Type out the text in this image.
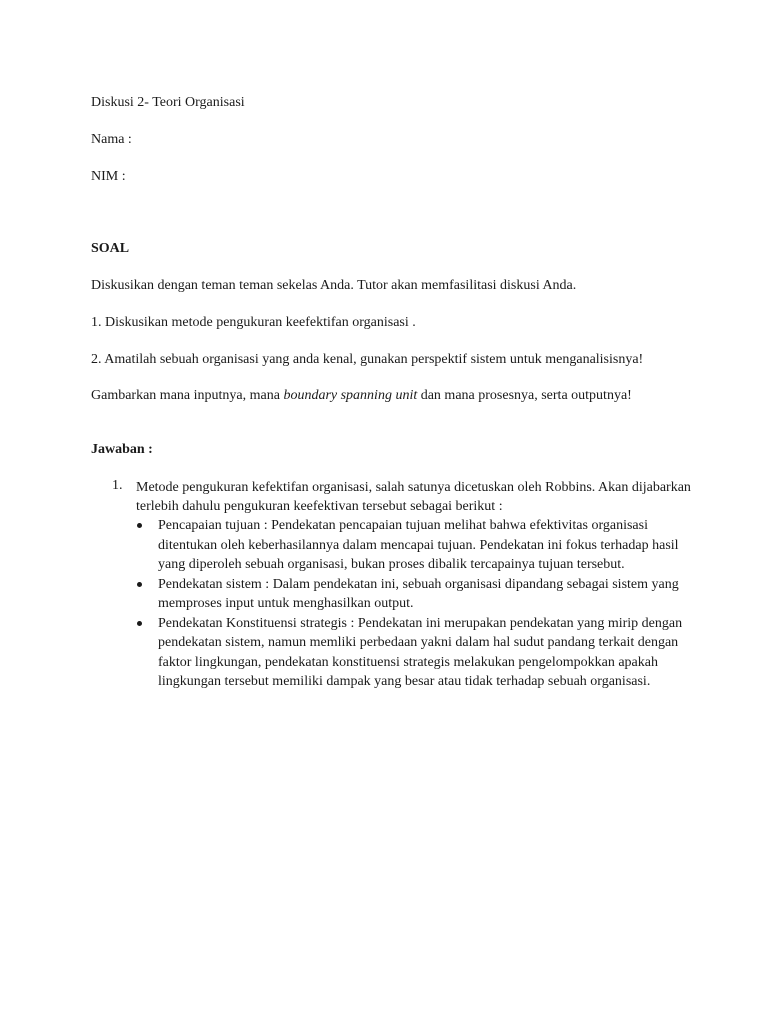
Diskusi 2- Teori Organisasi

Nama :

NIM :

SOAL

Diskusikan dengan teman teman sekelas Anda. Tutor akan memfasilitasi diskusi Anda.

1. Diskusikan metode pengukuran keefektifan organisasi .

2. Amatilah sebuah organisasi yang anda kenal, gunakan perspektif sistem untuk menganalisisnya!

Gambarkan mana inputnya, mana boundary spanning unit dan mana prosesnya, serta outputnya!

Jawaban :

1. Metode pengukuran kefektifan organisasi, salah satunya dicetuskan oleh Robbins. Akan dijabarkan terlebih dahulu pengukuran keefektivan tersebut sebagai berikut :

Pencapaian tujuan : Pendekatan pencapaian tujuan melihat bahwa efektivitas organisasi ditentukan oleh keberhasilannya dalam mencapai tujuan. Pendekatan ini fokus terhadap hasil yang diperoleh sebuah organisasi, bukan proses dibalik tercapainya tujuan tersebut.
Pendekatan sistem : Dalam pendekatan ini, sebuah organisasi dipandang sebagai sistem yang memproses input untuk menghasilkan output.
Pendekatan Konstituensi strategis : Pendekatan ini merupakan pendekatan yang mirip dengan pendekatan sistem, namun memliki perbedaan yakni dalam hal sudut pandang terkait dengan faktor lingkungan, pendekatan konstituensi strategis melakukan pengelompokkan apakah lingkungan tersebut memiliki dampak yang besar atau tidak terhadap sebuah organisasi.
